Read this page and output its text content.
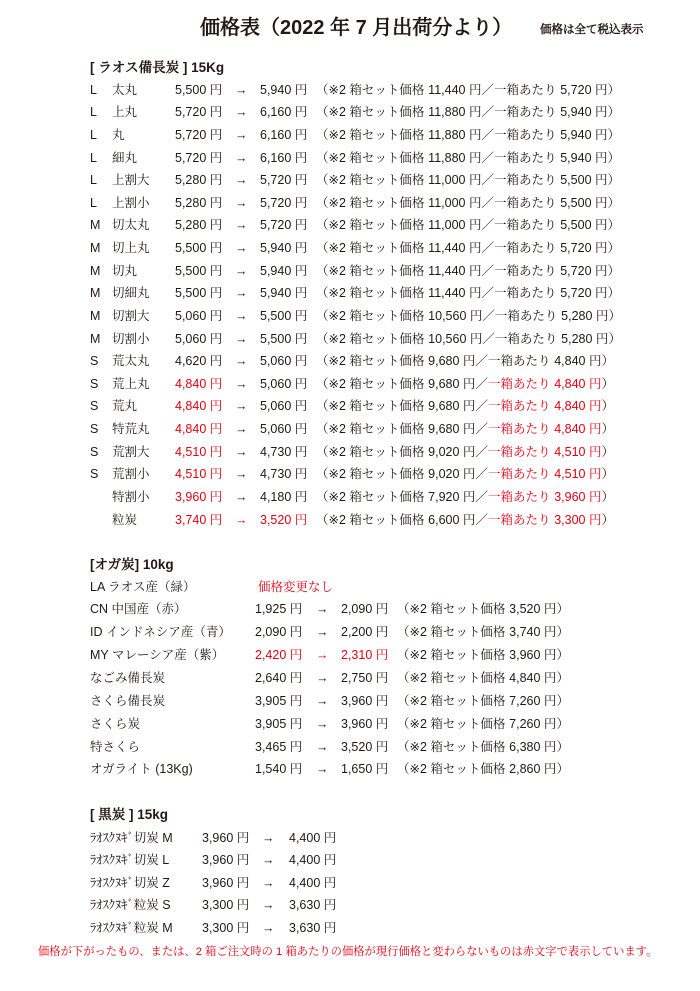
価格表（2022 年 7 月出荷分より） 価格は全て税込表示
[ ラオス備長炭 ] 15Kg
L 太丸	5,500 円 → 5,940 円 （※2 箱セット価格 11,440 円／一箱あたり 5,720 円）
L 上丸	5,720 円 → 6,160 円 （※2 箱セット価格 11,880 円／一箱あたり 5,940 円）
L 丸	5,720 円 → 6,160 円 （※2 箱セット価格 11,880 円／一箱あたり 5,940 円）
L 細丸	5,720 円 → 6,160 円 （※2 箱セット価格 11,880 円／一箱あたり 5,940 円）
L 上割大 5,280 円 → 5,720 円 （※2 箱セット価格 11,000 円／一箱あたり 5,500 円）
L 上割小 5,280 円 → 5,720 円 （※2 箱セット価格 11,000 円／一箱あたり 5,500 円）
M 切太丸 5,280 円 → 5,720 円 （※2 箱セット価格 11,000 円／一箱あたり 5,500 円）
M 切上丸 5,500 円 → 5,940 円 （※2 箱セット価格 11,440 円／一箱あたり 5,720 円）
M 切丸	5,500 円 → 5,940 円 （※2 箱セット価格 11,440 円／一箱あたり 5,720 円）
M 切細丸 5,500 円 → 5,940 円 （※2 箱セット価格 11,440 円／一箱あたり 5,720 円）
M 切割大 5,060 円 → 5,500 円 （※2 箱セット価格 10,560 円／一箱あたり 5,280 円）
M 切割小 5,060 円 → 5,500 円 （※2 箱セット価格 10,560 円／一箱あたり 5,280 円）
S 荒太丸 4,620 円 → 5,060 円 （※2 箱セット価格 9,680 円／一箱あたり 4,840 円）
S 荒上丸 4,840 円 → 5,060 円 （※2 箱セット価格 9,680 円／一箱あたり 4,840 円）
S 荒丸	4,840 円 → 5,060 円 （※2 箱セット価格 9,680 円／一箱あたり 4,840 円）
S 特荒丸 4,840 円 → 5,060 円 （※2 箱セット価格 9,680 円／一箱あたり 4,840 円）
S 荒割大 4,510 円 → 4,730 円 （※2 箱セット価格 9,020 円／一箱あたり 4,510 円）
S 荒割小 4,510 円 → 4,730 円 （※2 箱セット価格 9,020 円／一箱あたり 4,510 円）
特割小 3,960 円 → 4,180 円 （※2 箱セット価格 7,920 円／一箱あたり 3,960 円）
粒炭	3,740 円 → 3,520 円 （※2 箱セット価格 6,600 円／一箱あたり 3,300 円）
[オガ炭] 10kg
LA ラオス産（緑）	価格変更なし
CN 中国産（赤）	1,925 円 → 2,090 円 （※2 箱セット価格 3,520 円）
ID インドネシア産（青） 2,090 円 → 2,200 円 （※2 箱セット価格 3,740 円）
MY マレーシア産（紫） 2,420 円 → 2,310 円 （※2 箱セット価格 3,960 円）
なごみ備長炭	2,640 円 → 2,750 円 （※2 箱セット価格 4,840 円）
さくら備長炭	3,905 円 → 3,960 円 （※2 箱セット価格 7,260 円）
さくら炭	3,905 円 → 3,960 円 （※2 箱セット価格 7,260 円）
特さくら	3,465 円 → 3,520 円 （※2 箱セット価格 6,380 円）
オガライト (13Kg)	1,540 円 → 1,650 円 （※2 箱セット価格 2,860 円）
[ 黒炭 ] 15kg
ﾗｵｽｸﾇｷﾞ切炭 M 3,960 円 → 4,400 円
ﾗｵｽｸﾇｷﾞ切炭 L	3,960 円 → 4,400 円
ﾗｵｽｸﾇｷﾞ切炭 Z	3,960 円 → 4,400 円
ﾗｵｽｸﾇｷﾞ粒炭 S	3,300 円 → 3,630 円
ﾗｵｽｸﾇｷﾞ粒炭 M 3,300 円 → 3,630 円
価格が下がったもの、または、2 箱ご注文時の 1 箱あたりの価格が現行価格と変わらないものは赤文字で表示しています。
